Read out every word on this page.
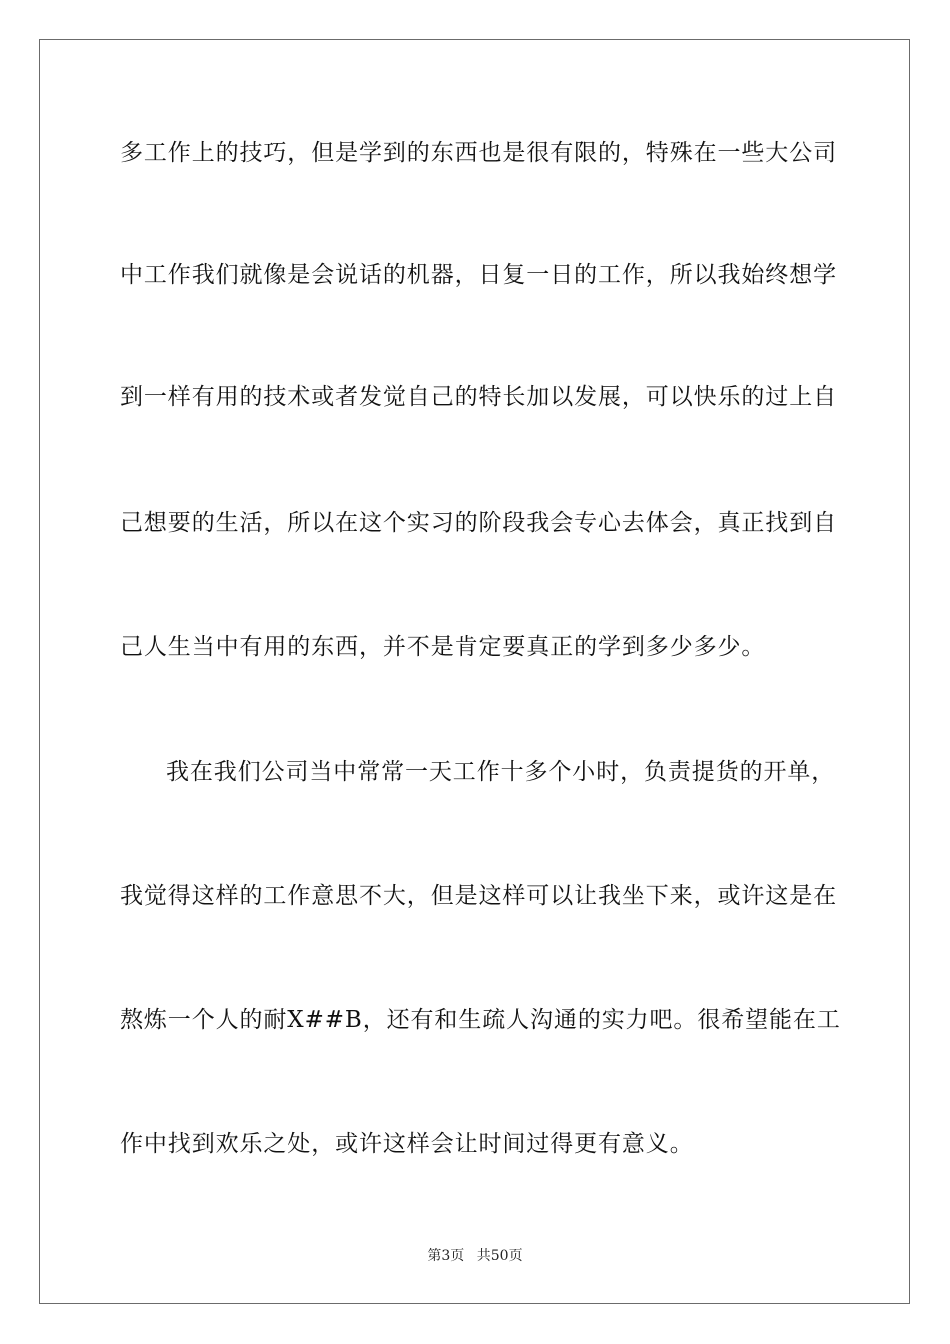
多工作上的技巧，但是学到的东西也是很有限的，特殊在一些大公司
中工作我们就像是会说话的机器，日复一日的工作，所以我始终想学
到一样有用的技术或者发觉自己的特长加以发展，可以快乐的过上自
己想要的生活，所以在这个实习的阶段我会专心去体会，真正找到自
己人生当中有用的东西，并不是肯定要真正的学到多少多少。
我在我们公司当中常常一天工作十多个小时，负责提货的开单，
我觉得这样的工作意思不大，但是这样可以让我坐下来，或许这是在
熬炼一个人的耐X##B，还有和生疏人沟通的实力吧。很希望能在工
作中找到欢乐之处，或许这样会让时间过得更有意义。
第3页 共50页
